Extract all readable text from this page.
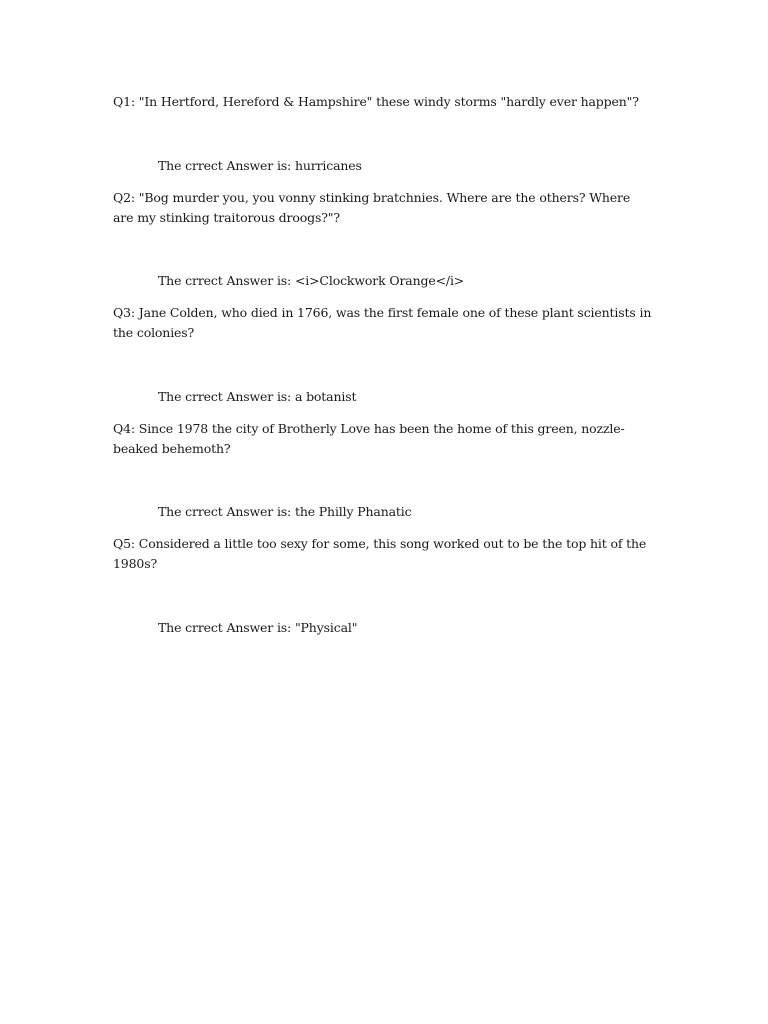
Q1: "In Hertford, Hereford & Hampshire" these windy storms "hardly ever happen"?

The crrect Answer is: hurricanes

Q2: "Bog murder you, you vonny stinking bratchnies. Where are the others? Where are my stinking traitorous droogs?"?

The crrect Answer is: <i>Clockwork Orange</i>

Q3: Jane Colden, who died in 1766, was the first female one of these plant scientists in the colonies?

The crrect Answer is: a botanist

Q4: Since 1978 the city of Brotherly Love has been the home of this green, nozzle-beaked behemoth?

The crrect Answer is: the Philly Phanatic

Q5: Considered a little too sexy for some, this song worked out to be the top hit of the 1980s?

The crrect Answer is: "Physical"
